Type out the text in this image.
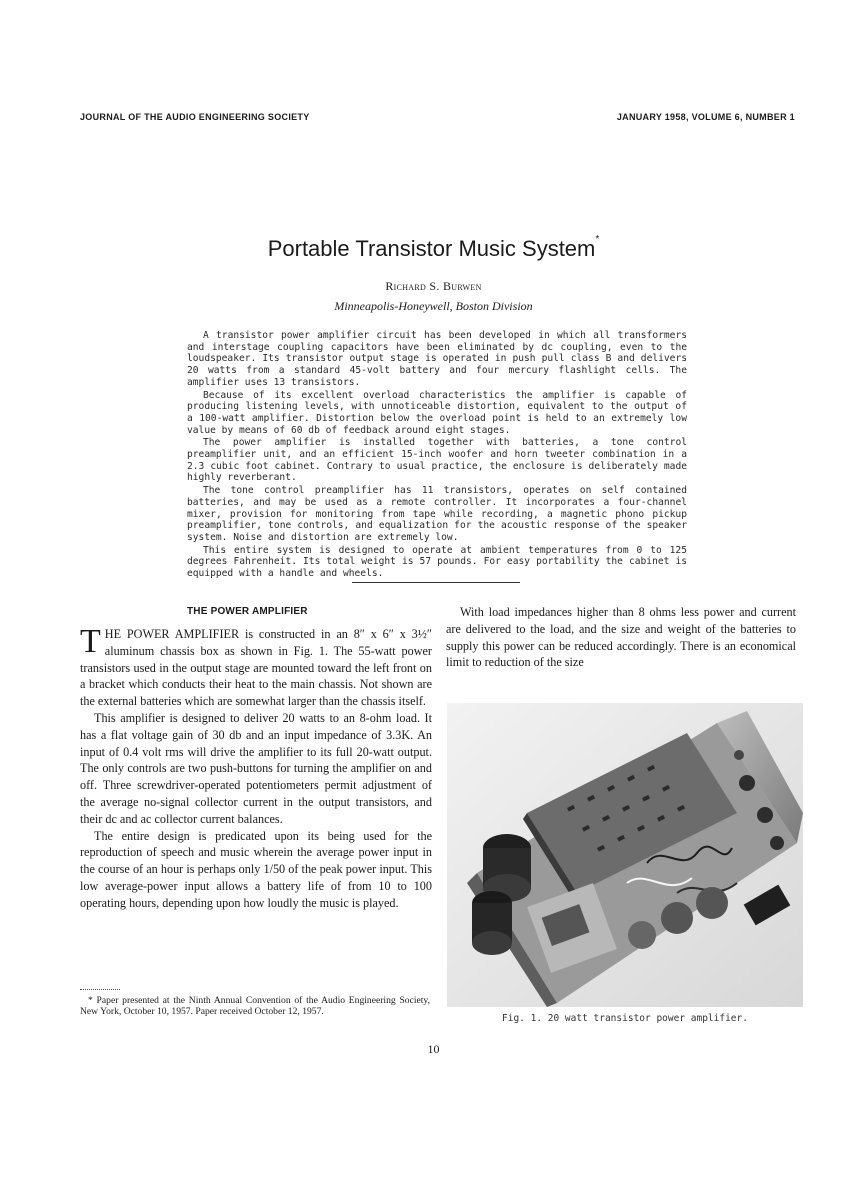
JOURNAL OF THE AUDIO ENGINEERING SOCIETY	JANUARY 1958, VOLUME 6, NUMBER 1
Portable Transistor Music System*
Richard S. Burwen
Minneapolis-Honeywell, Boston Division

A transistor power amplifier circuit has been developed in which all transformers and interstage coupling capacitors have been eliminated by dc coupling, even to the loudspeaker. Its transistor output stage is operated in push pull class B and delivers 20 watts from a standard 45-volt battery and four mercury flashlight cells. The amplifier uses 13 transistors.

Because of its excellent overload characteristics the amplifier is capable of producing listening levels, with unnoticeable distortion, equivalent to the output of a 100-watt amplifier. Distortion below the overload point is held to an extremely low value by means of 60 db of feedback around eight stages.

The power amplifier is installed together with batteries, a tone control preamplifier unit, and an efficient 15-inch woofer and horn tweeter combination in a 2.3 cubic foot cabinet. Contrary to usual practice, the enclosure is deliberately made highly reverberant.

The tone control preamplifier has 11 transistors, operates on self contained batteries, and may be used as a remote controller. It incorporates a four-channel mixer, provision for monitoring from tape while recording, a magnetic phono pickup preamplifier, tone controls, and equalization for the acoustic response of the speaker system. Noise and distortion are extremely low.

This entire system is designed to operate at ambient temperatures from 0 to 125 degrees Fahrenheit. Its total weight is 57 pounds. For easy portability the cabinet is equipped with a handle and wheels.

THE POWER AMPLIFIER

THE POWER AMPLIFIER is constructed in an 8″ x 6″ x 3½″ aluminum chassis box as shown in Fig. 1. The 55-watt power transistors used in the output stage are mounted toward the left front on a bracket which conducts their heat to the main chassis. Not shown are the external batteries which are somewhat larger than the chassis itself.

This amplifier is designed to deliver 20 watts to an 8-ohm load. It has a flat voltage gain of 30 db and an input impedance of 3.3K. An input of 0.4 volt rms will drive the amplifier to its full 20-watt output. The only controls are two push-buttons for turning the amplifier on and off. Three screwdriver-operated potentiometers permit adjustment of the average no-signal collector current in the output transistors, and their dc and ac collector current balances.

The entire design is predicated upon its being used for the reproduction of speech and music wherein the average power input in the course of an hour is perhaps only 1/50 of the peak power input. This low average-power input allows a battery life of from 10 to 100 operating hours, depending upon how loudly the music is played.

* Paper presented at the Ninth Annual Convention of the Audio Engineering Society, New York, October 10, 1957. Paper received October 12, 1957.

With load impedances higher than 8 ohms less power and current are delivered to the load, and the size and weight of the batteries to supply this power can be reduced accordingly. There is an economical limit to reduction of the size

Fig. 1. 20 watt transistor power amplifier.
10
